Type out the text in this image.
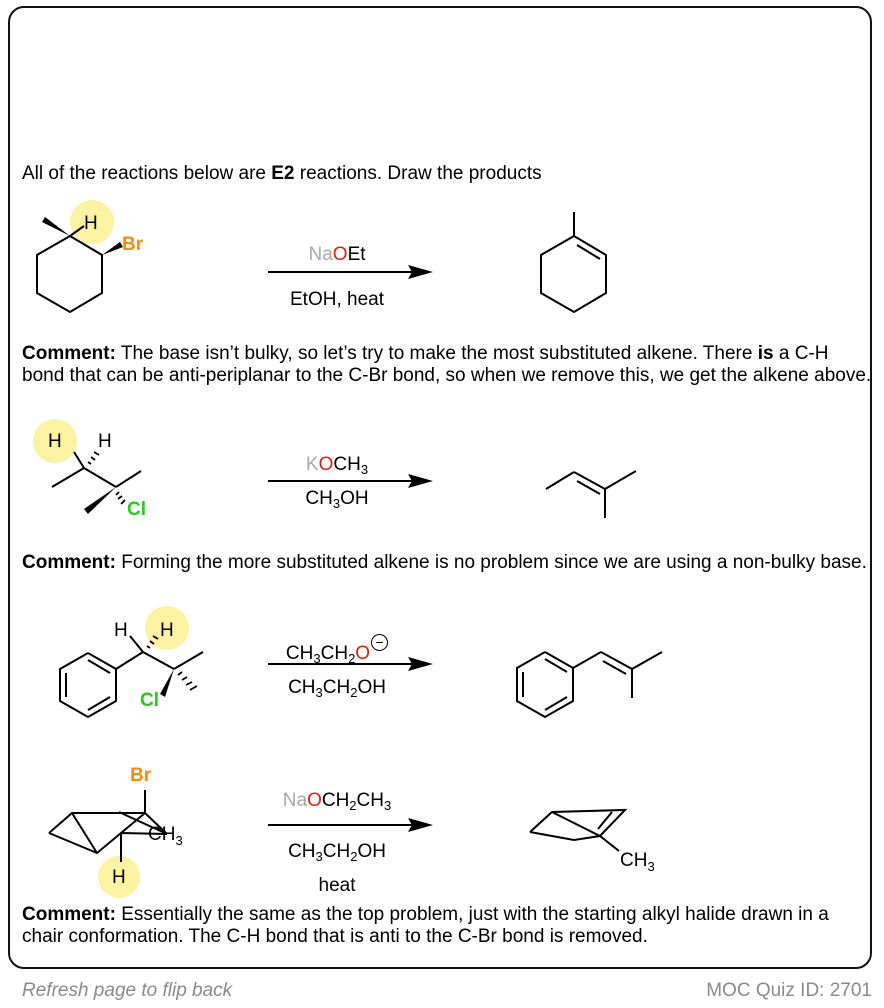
All of the reactions below are E2 reactions. Draw the products
H
Br	NaOEt
EtOH, heat
Comment: The base isn’t bulky, so let’s try to make the most substituted alkene. There is a C-H bond that can be anti-periplanar to the C-Br bond, so when we remove this, we get the alkene above.
H H
Cl
$KOCH_3$
$CH_3OH$
Comment: Forming the more substituted alkene is no problem since we are using a non-bulky base.
H H
Cl
$CH_3CH_2O-$
$CH_3CH_2OH$
Br
$CH_3$
H
$NaOCH_2CH_3$
$CH_3CH_2OH$
heat
$CH_3$
Comment: Essentially the same as the top problem, just with the starting alkyl halide drawn in a chair conformation. The C-H bond that is anti to the C-Br bond is removed.
Refresh page to flip back	MOC Quiz ID: 2701
